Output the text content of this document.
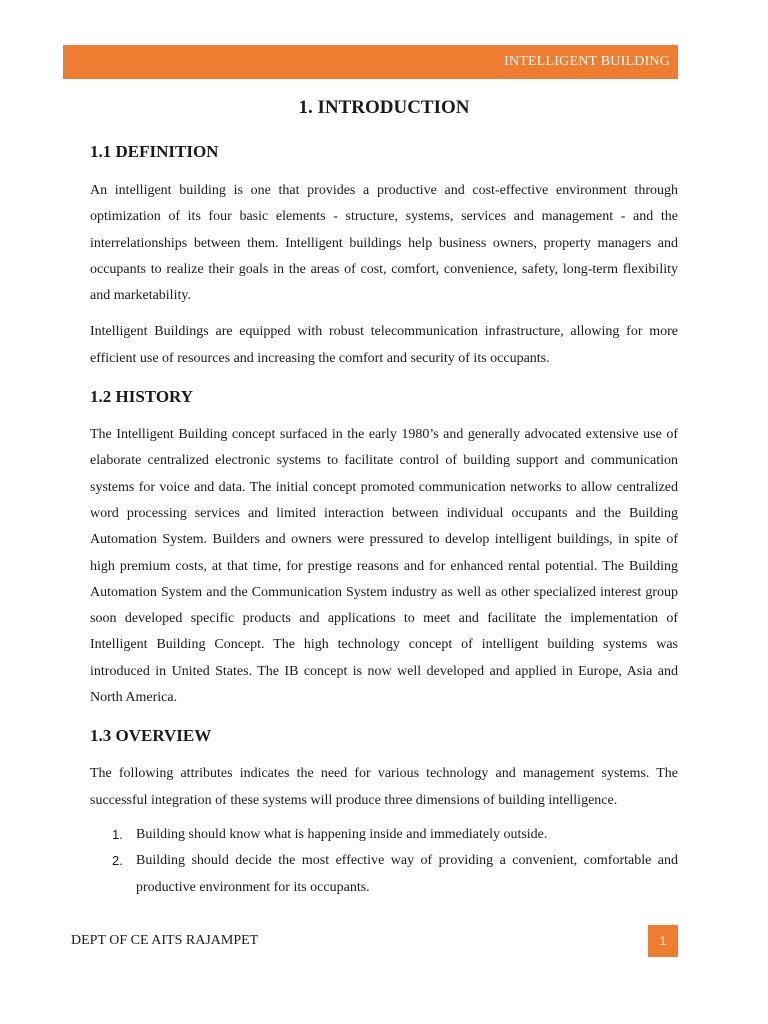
INTELLIGENT BUILDING
1. INTRODUCTION
1.1 DEFINITION

An intelligent building is one that provides a productive and cost-effective environment through optimization of its four basic elements - structure, systems, services and management - and the interrelationships between them. Intelligent buildings help business owners, property managers and occupants to realize their goals in the areas of cost, comfort, convenience, safety, long-term flexibility and marketability.

Intelligent Buildings are equipped with robust telecommunication infrastructure, allowing for more efficient use of resources and increasing the comfort and security of its occupants.

1.2 HISTORY

The Intelligent Building concept surfaced in the early 1980’s and generally advocated extensive use of elaborate centralized electronic systems to facilitate control of building support and communication systems for voice and data. The initial concept promoted communication networks to allow centralized word processing services and limited interaction between individual occupants and the Building Automation System. Builders and owners were pressured to develop intelligent buildings, in spite of high premium costs, at that time, for prestige reasons and for enhanced rental potential. The Building Automation System and the Communication System industry as well as other specialized interest group soon developed specific products and applications to meet and facilitate the implementation of Intelligent Building Concept. The high technology concept of intelligent building systems was introduced in United States. The IB concept is now well developed and applied in Europe, Asia and North America.

1.3 OVERVIEW

The following attributes indicates the need for various technology and management systems. The successful integration of these systems will produce three dimensions of building intelligence.

1. Building should know what is happening inside and immediately outside.
2. Building should decide the most effective way of providing a convenient, comfortable and productive environment for its occupants.
DEPT OF CE AITS RAJAMPET	1
